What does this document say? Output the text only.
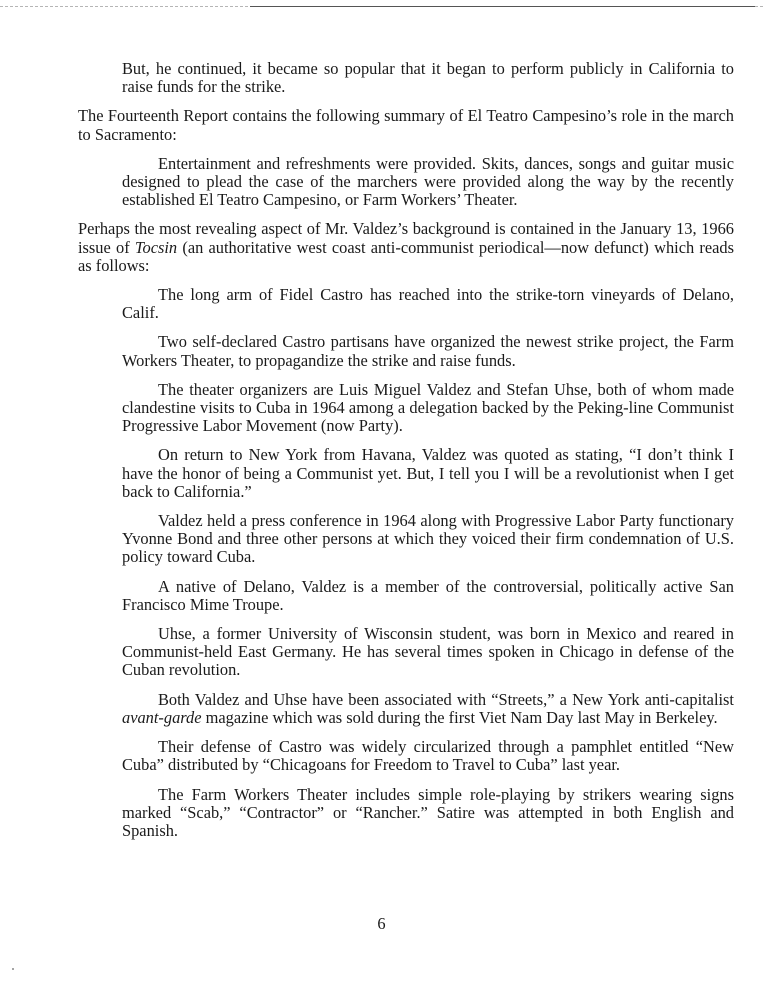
But, he continued, it became so popular that it began to perform publicly in California to raise funds for the strike.

The Fourteenth Report contains the following summary of El Teatro Campesino’s role in the march to Sacramento:

Entertainment and refreshments were provided. Skits, dances, songs and guitar music designed to plead the case of the marchers were provided along the way by the recently established El Teatro Campesino, or Farm Workers’ Theater.

Perhaps the most revealing aspect of Mr. Valdez’s background is contained in the January 13, 1966 issue of Tocsin (an authoritative west coast anti-communist periodical—now defunct) which reads as follows:

The long arm of Fidel Castro has reached into the strike-torn vineyards of Delano, Calif.

Two self-declared Castro partisans have organized the newest strike project, the Farm Workers Theater, to propagandize the strike and raise funds.

The theater organizers are Luis Miguel Valdez and Stefan Uhse, both of whom made clandestine visits to Cuba in 1964 among a delegation backed by the Peking-line Communist Progressive Labor Movement (now Party).

On return to New York from Havana, Valdez was quoted as stating, “I don’t think I have the honor of being a Communist yet. But, I tell you I will be a revolutionist when I get back to California.”

Valdez held a press conference in 1964 along with Progressive Labor Party functionary Yvonne Bond and three other persons at which they voiced their firm condemnation of U.S. policy toward Cuba.

A native of Delano, Valdez is a member of the controversial, politically active San Francisco Mime Troupe.

Uhse, a former University of Wisconsin student, was born in Mexico and reared in Communist-held East Germany. He has several times spoken in Chicago in defense of the Cuban revolution.

Both Valdez and Uhse have been associated with “Streets,” a New York anti-capitalist avant-garde magazine which was sold during the first Viet Nam Day last May in Berkeley.

Their defense of Castro was widely circularized through a pamphlet entitled “New Cuba” distributed by “Chicagoans for Freedom to Travel to Cuba” last year.

The Farm Workers Theater includes simple role-playing by strikers wearing signs marked “Scab,” “Contractor” or “Rancher.” Satire was attempted in both English and Spanish.

6
